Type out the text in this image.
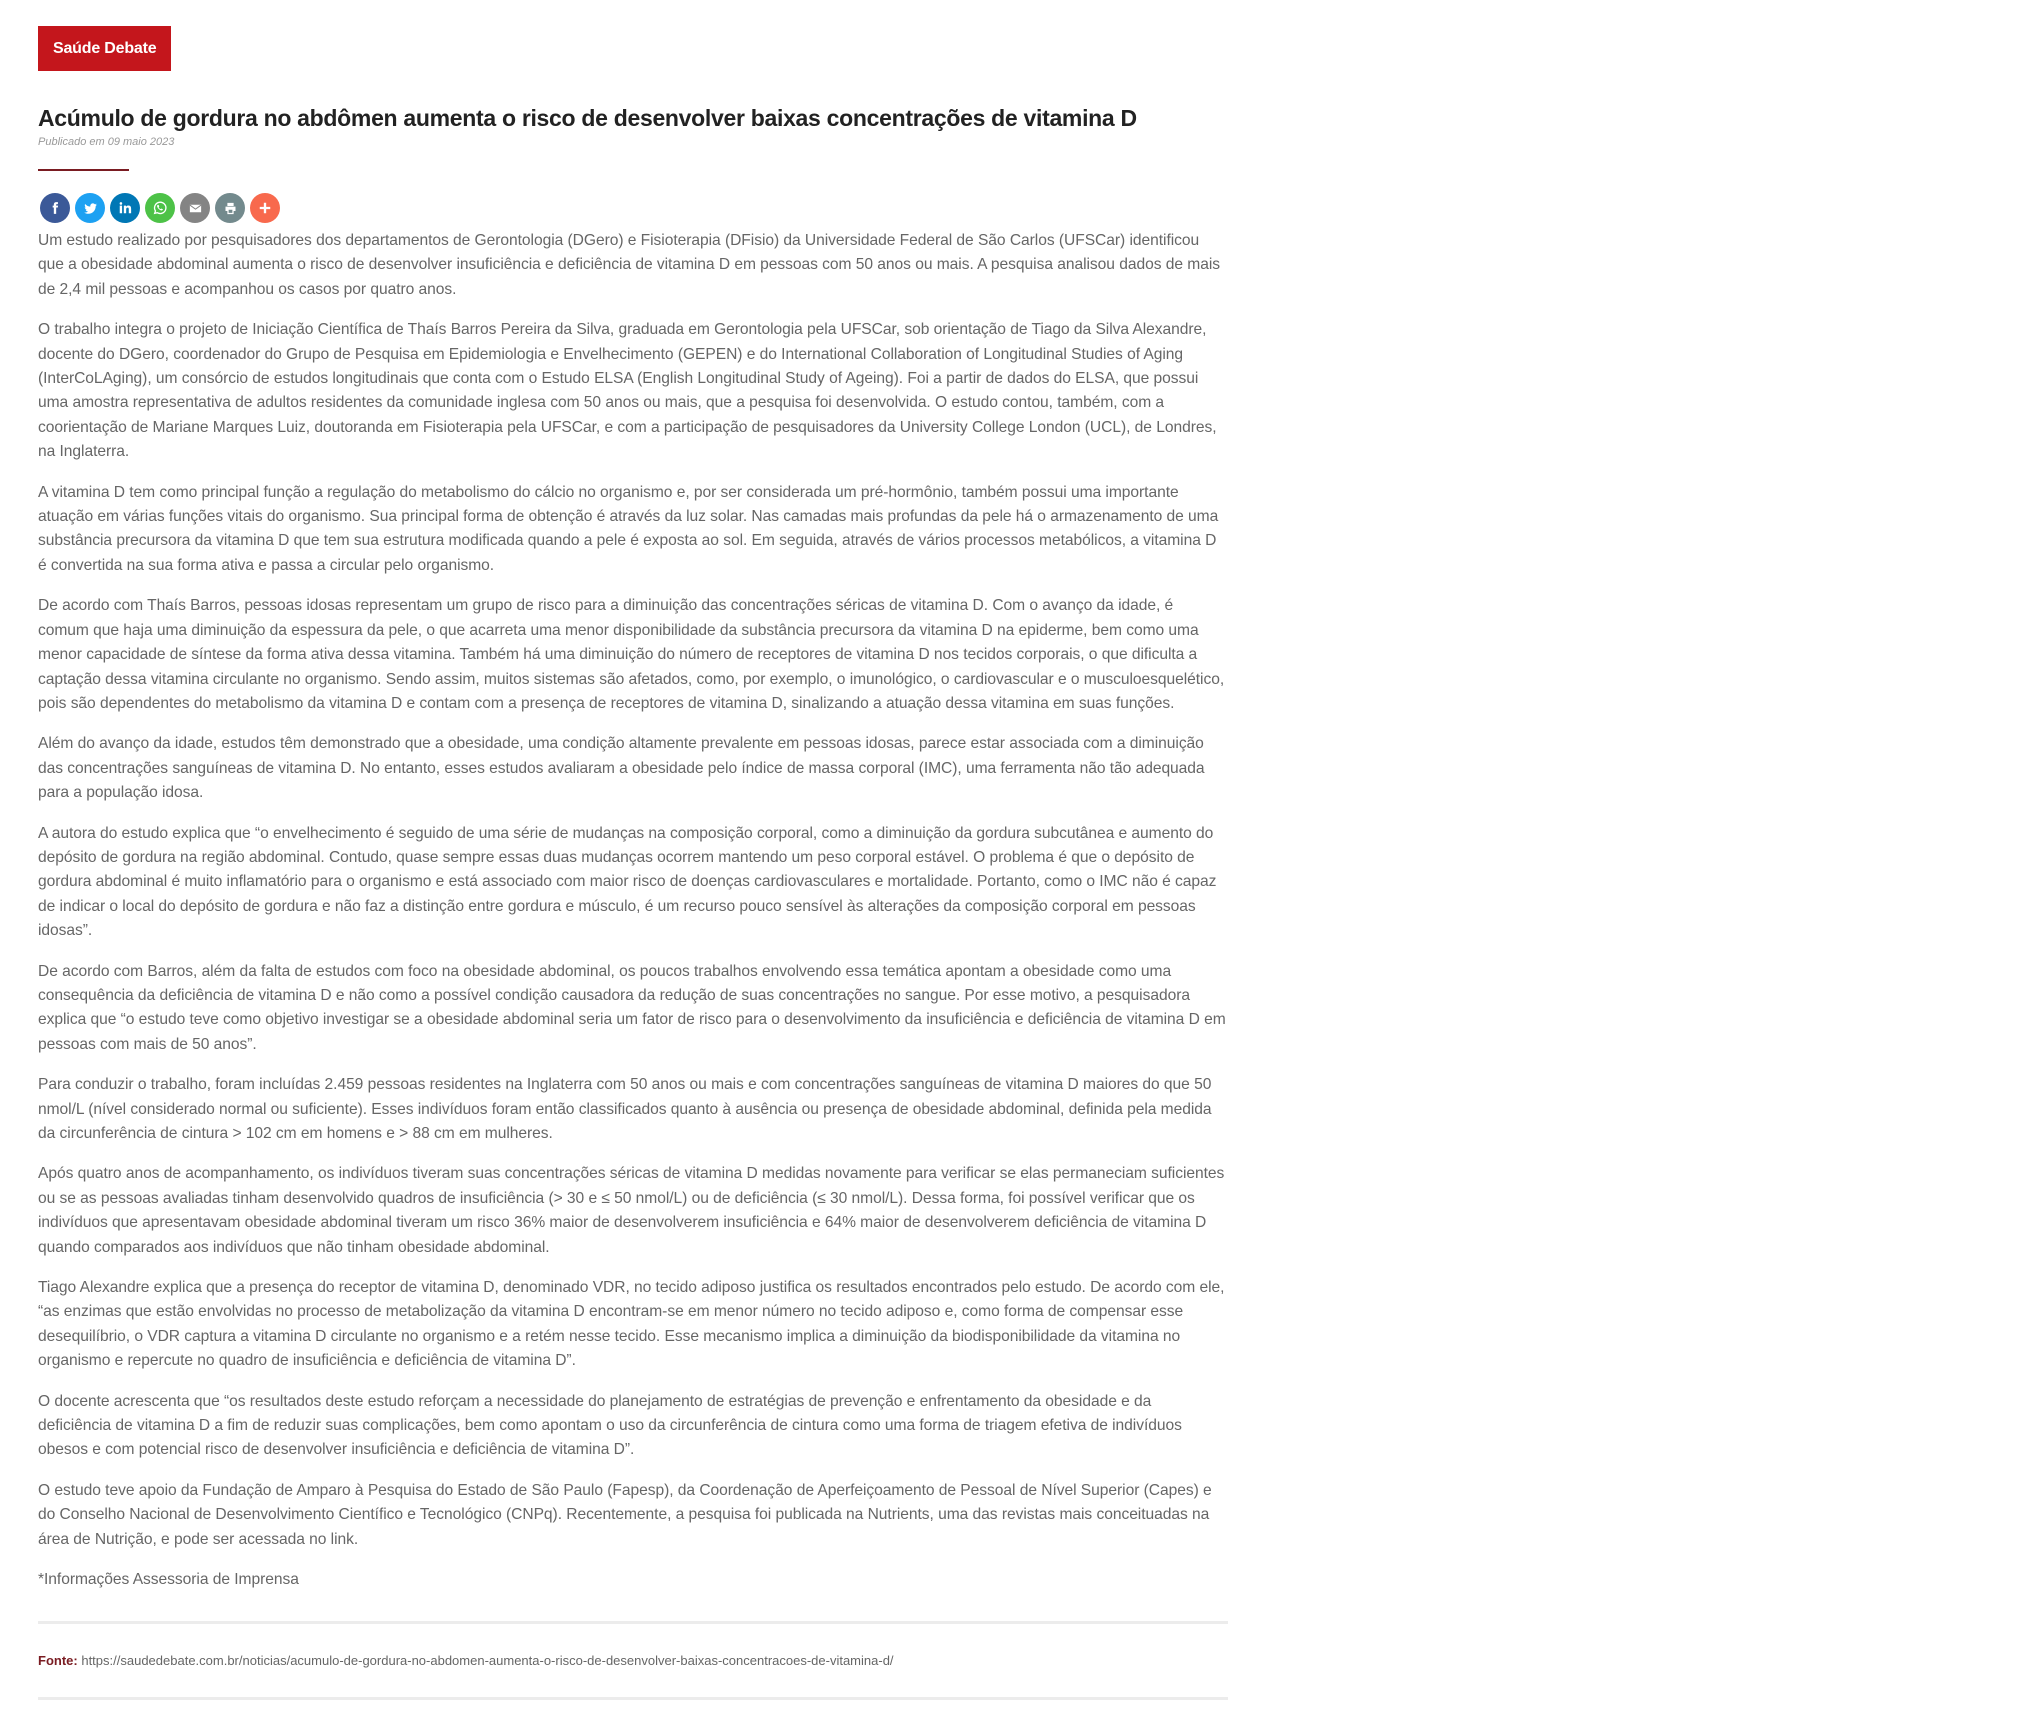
Saúde Debate
Acúmulo de gordura no abdômen aumenta o risco de desenvolver baixas concentrações de vitamina D
Publicado em 09 maio 2023

Um estudo realizado por pesquisadores dos departamentos de Gerontologia (DGero) e Fisioterapia (DFisio) da Universidade Federal de São Carlos (UFSCar) identificou que a obesidade abdominal aumenta o risco de desenvolver insuficiência e deficiência de vitamina D em pessoas com 50 anos ou mais. A pesquisa analisou dados de mais de 2,4 mil pessoas e acompanhou os casos por quatro anos.

O trabalho integra o projeto de Iniciação Científica de Thaís Barros Pereira da Silva, graduada em Gerontologia pela UFSCar, sob orientação de Tiago da Silva Alexandre, docente do DGero, coordenador do Grupo de Pesquisa em Epidemiologia e Envelhecimento (GEPEN) e do International Collaboration of Longitudinal Studies of Aging (InterCoLAging), um consórcio de estudos longitudinais que conta com o Estudo ELSA (English Longitudinal Study of Ageing). Foi a partir de dados do ELSA, que possui uma amostra representativa de adultos residentes da comunidade inglesa com 50 anos ou mais, que a pesquisa foi desenvolvida. O estudo contou, também, com a coorientação de Mariane Marques Luiz, doutoranda em Fisioterapia pela UFSCar, e com a participação de pesquisadores da University College London (UCL), de Londres, na Inglaterra.

A vitamina D tem como principal função a regulação do metabolismo do cálcio no organismo e, por ser considerada um pré-hormônio, também possui uma importante atuação em várias funções vitais do organismo. Sua principal forma de obtenção é através da luz solar. Nas camadas mais profundas da pele há o armazenamento de uma substância precursora da vitamina D que tem sua estrutura modificada quando a pele é exposta ao sol. Em seguida, através de vários processos metabólicos, a vitamina D é convertida na sua forma ativa e passa a circular pelo organismo.

De acordo com Thaís Barros, pessoas idosas representam um grupo de risco para a diminuição das concentrações séricas de vitamina D. Com o avanço da idade, é comum que haja uma diminuição da espessura da pele, o que acarreta uma menor disponibilidade da substância precursora da vitamina D na epiderme, bem como uma menor capacidade de síntese da forma ativa dessa vitamina. Também há uma diminuição do número de receptores de vitamina D nos tecidos corporais, o que dificulta a captação dessa vitamina circulante no organismo. Sendo assim, muitos sistemas são afetados, como, por exemplo, o imunológico, o cardiovascular e o musculoesquelético, pois são dependentes do metabolismo da vitamina D e contam com a presença de receptores de vitamina D, sinalizando a atuação dessa vitamina em suas funções.

Além do avanço da idade, estudos têm demonstrado que a obesidade, uma condição altamente prevalente em pessoas idosas, parece estar associada com a diminuição das concentrações sanguíneas de vitamina D. No entanto, esses estudos avaliaram a obesidade pelo índice de massa corporal (IMC), uma ferramenta não tão adequada para a população idosa.

A autora do estudo explica que “o envelhecimento é seguido de uma série de mudanças na composição corporal, como a diminuição da gordura subcutânea e aumento do depósito de gordura na região abdominal. Contudo, quase sempre essas duas mudanças ocorrem mantendo um peso corporal estável. O problema é que o depósito de gordura abdominal é muito inflamatório para o organismo e está associado com maior risco de doenças cardiovasculares e mortalidade. Portanto, como o IMC não é capaz de indicar o local do depósito de gordura e não faz a distinção entre gordura e músculo, é um recurso pouco sensível às alterações da composição corporal em pessoas idosas”.

De acordo com Barros, além da falta de estudos com foco na obesidade abdominal, os poucos trabalhos envolvendo essa temática apontam a obesidade como uma consequência da deficiência de vitamina D e não como a possível condição causadora da redução de suas concentrações no sangue. Por esse motivo, a pesquisadora explica que “o estudo teve como objetivo investigar se a obesidade abdominal seria um fator de risco para o desenvolvimento da insuficiência e deficiência de vitamina D em pessoas com mais de 50 anos”.

Para conduzir o trabalho, foram incluídas 2.459 pessoas residentes na Inglaterra com 50 anos ou mais e com concentrações sanguíneas de vitamina D maiores do que 50 nmol/L (nível considerado normal ou suficiente). Esses indivíduos foram então classificados quanto à ausência ou presença de obesidade abdominal, definida pela medida da circunferência de cintura > 102 cm em homens e > 88 cm em mulheres.

Após quatro anos de acompanhamento, os indivíduos tiveram suas concentrações séricas de vitamina D medidas novamente para verificar se elas permaneciam suficientes ou se as pessoas avaliadas tinham desenvolvido quadros de insuficiência (> 30 e ≤ 50 nmol/L) ou de deficiência (≤ 30 nmol/L). Dessa forma, foi possível verificar que os indivíduos que apresentavam obesidade abdominal tiveram um risco 36% maior de desenvolverem insuficiência e 64% maior de desenvolverem deficiência de vitamina D quando comparados aos indivíduos que não tinham obesidade abdominal.

Tiago Alexandre explica que a presença do receptor de vitamina D, denominado VDR, no tecido adiposo justifica os resultados encontrados pelo estudo. De acordo com ele, “as enzimas que estão envolvidas no processo de metabolização da vitamina D encontram-se em menor número no tecido adiposo e, como forma de compensar esse desequilíbrio, o VDR captura a vitamina D circulante no organismo e a retém nesse tecido. Esse mecanismo implica a diminuição da biodisponibilidade da vitamina no organismo e repercute no quadro de insuficiência e deficiência de vitamina D”.

O docente acrescenta que “os resultados deste estudo reforçam a necessidade do planejamento de estratégias de prevenção e enfrentamento da obesidade e da deficiência de vitamina D a fim de reduzir suas complicações, bem como apontam o uso da circunferência de cintura como uma forma de triagem efetiva de indivíduos obesos e com potencial risco de desenvolver insuficiência e deficiência de vitamina D”.

O estudo teve apoio da Fundação de Amparo à Pesquisa do Estado de São Paulo (Fapesp), da Coordenação de Aperfeiçoamento de Pessoal de Nível Superior (Capes) e do Conselho Nacional de Desenvolvimento Científico e Tecnológico (CNPq). Recentemente, a pesquisa foi publicada na Nutrients, uma das revistas mais conceituadas na área de Nutrição, e pode ser acessada no link.

*Informações Assessoria de Imprensa

Fonte: https://saudedebate.com.br/noticias/acumulo-de-gordura-no-abdomen-aumenta-o-risco-de-desenvolver-baixas-concentracoes-de-vitamina-d/
